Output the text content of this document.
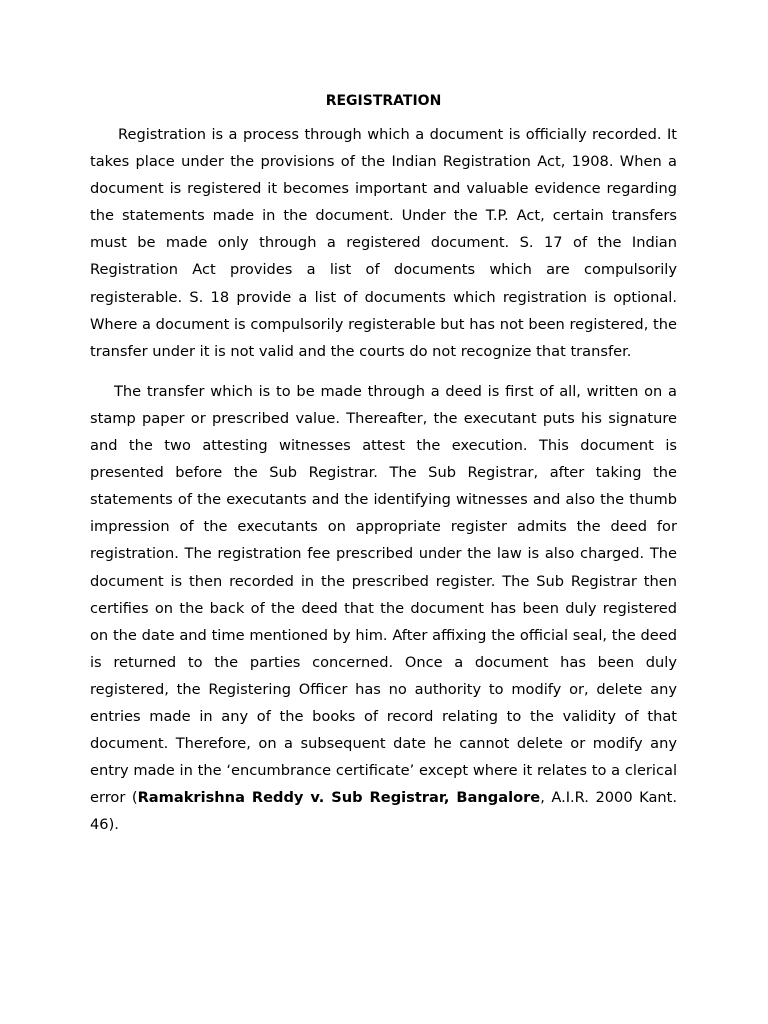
REGISTRATION

Registration is a process through which a document is officially recorded. It takes place under the provisions of the Indian Registration Act, 1908. When a document is registered it becomes important and valuable evidence regarding the statements made in the document. Under the T.P. Act, certain transfers must be made only through a registered document. S. 17 of the Indian Registration Act provides a list of documents which are compulsorily registerable. S. 18 provide a list of documents which registration is optional. Where a document is compulsorily registerable but has not been registered, the transfer under it is not valid and the courts do not recognize that transfer.

The transfer which is to be made through a deed is first of all, written on a stamp paper or prescribed value. Thereafter, the executant puts his signature and the two attesting witnesses attest the execution. This document is presented before the Sub Registrar. The Sub Registrar, after taking the statements of the executants and the identifying witnesses and also the thumb impression of the executants on appropriate register admits the deed for registration. The registration fee prescribed under the law is also charged. The document is then recorded in the prescribed register. The Sub Registrar then certifies on the back of the deed that the document has been duly registered on the date and time mentioned by him. After affixing the official seal, the deed is returned to the parties concerned. Once a document has been duly registered, the Registering Officer has no authority to modify or, delete any entries made in any of the books of record relating to the validity of that document. Therefore, on a subsequent date he cannot delete or modify any entry made in the ‘encumbrance certificate’ except where it relates to a clerical error (Ramakrishna Reddy v. Sub Registrar, Bangalore, A.I.R. 2000 Kant. 46).
